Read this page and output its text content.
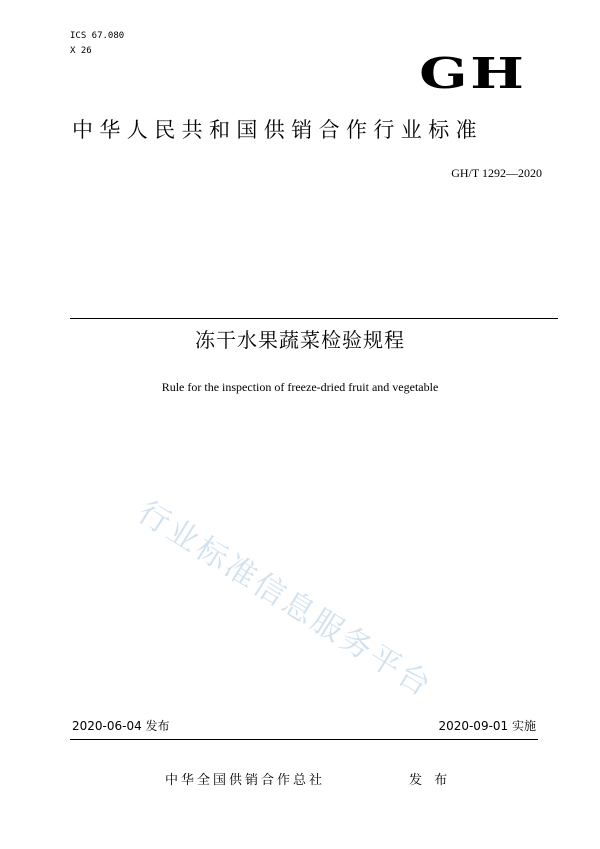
ICS 67.080
X 26	GH
中华人民共和国供销合作行业标准
GH/T 1292—2020
冻干水果蔬菜检验规程
Rule for the inspection of freeze-dried fruit and vegetable
行业标准信息服务平台
2020-06-04 发布	2020-09-01 实施
中华全国供销合作总社	发 布
